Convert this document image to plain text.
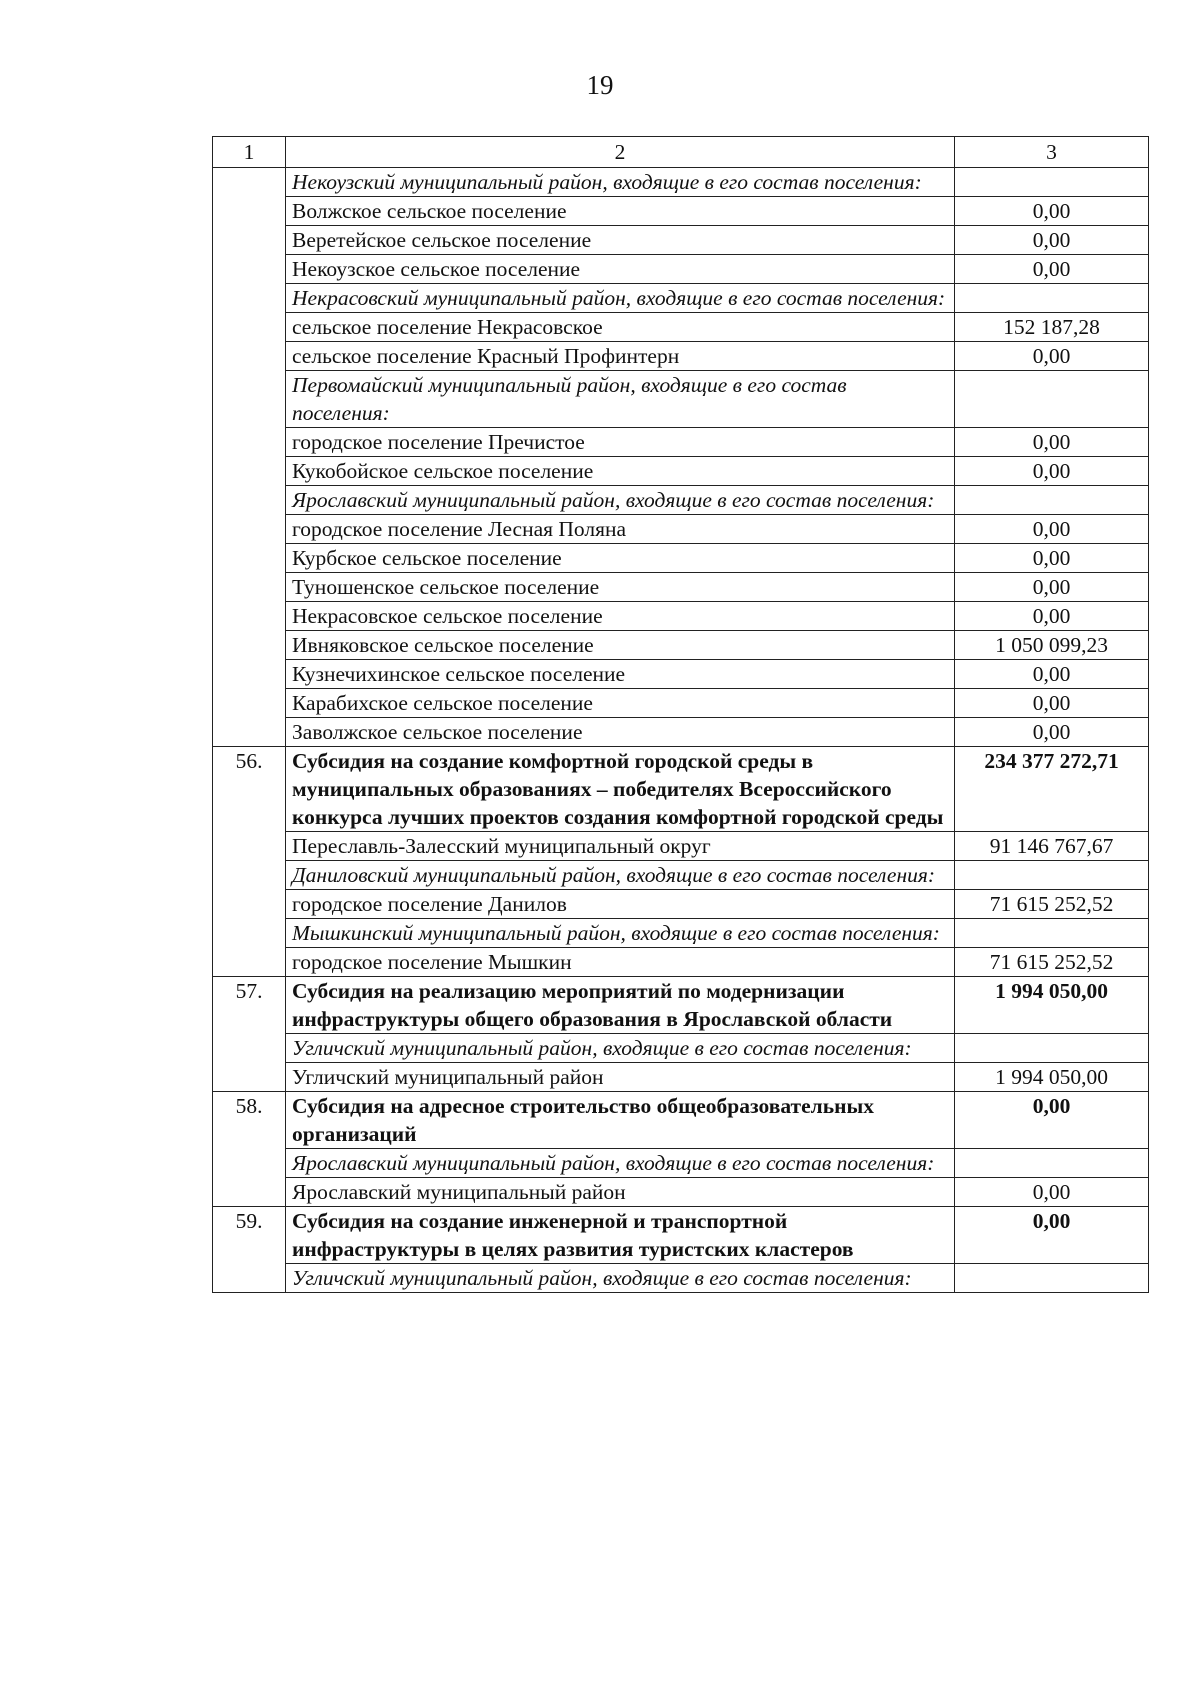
19
1	2	3
	Некоузский муниципальный район, входящие в его состав поселения:	
	Волжское сельское поселение	0,00
	Веретейское сельское поселение	0,00
	Некоузское сельское поселение	0,00
	Некрасовский муниципальный район, входящие в его состав поселения:	
	сельское поселение Некрасовское	152 187,28
	сельское поселение Красный Профинтерн	0,00
	Первомайский муниципальный район, входящие в его состав поселения:	
	городское поселение Пречистое	0,00
	Кукобойское сельское поселение	0,00
	Ярославский муниципальный район, входящие в его состав поселения:	
	городское поселение Лесная Поляна	0,00
	Курбское сельское поселение	0,00
	Туношенское сельское поселение	0,00
	Некрасовское сельское поселение	0,00
	Ивняковское сельское поселение	1 050 099,23
	Кузнечихинское сельское поселение	0,00
	Карабихское сельское поселение	0,00
	Заволжское сельское поселение	0,00
56.	Субсидия на создание комфортной городской среды в муниципальных образованиях – победителях Всероссийского конкурса лучших проектов создания комфортной городской среды	234 377 272,71
	Переславль-Залесский муниципальный округ	91 146 767,67
	Даниловский муниципальный район, входящие в его состав поселения:	
	городское поселение Данилов	71 615 252,52
	Мышкинский муниципальный район, входящие в его состав поселения:	
	городское поселение Мышкин	71 615 252,52
57.	Субсидия на реализацию мероприятий по модернизации инфраструктуры общего образования в Ярославской области	1 994 050,00
	Угличский муниципальный район, входящие в его состав поселения:	
	Угличский муниципальный район	1 994 050,00
58.	Субсидия на адресное строительство общеобразовательных организаций	0,00
	Ярославский муниципальный район, входящие в его состав поселения:	
	Ярославский муниципальный район	0,00
59.	Субсидия на создание инженерной и транспортной инфраструктуры в целях развития туристских кластеров	0,00
	Угличский муниципальный район, входящие в его состав поселения:	
